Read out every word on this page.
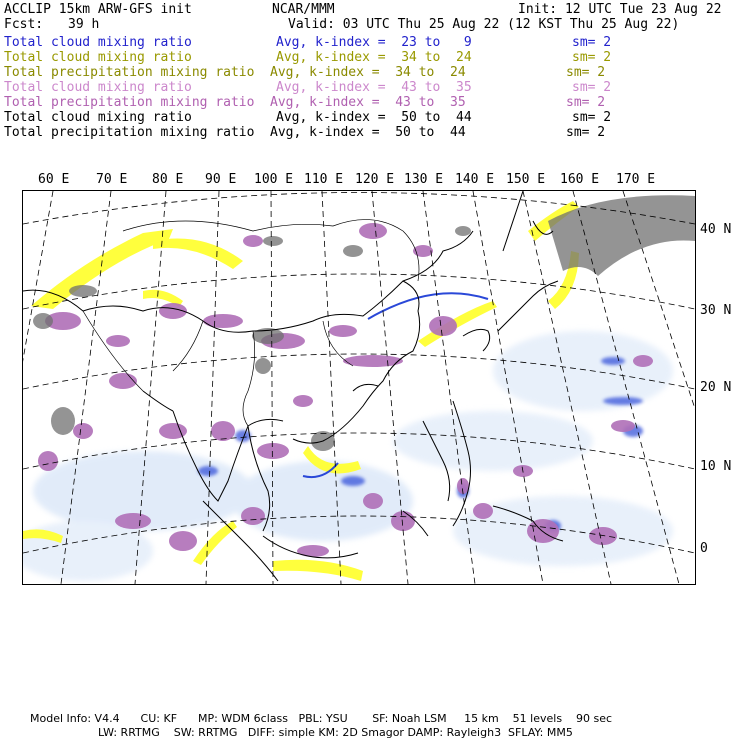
ACCLIP 15km ARW-GFS init	NCAR/MMM	Init: 12 UTC Tue 23 Aug 22
Fcst: 39 h	Valid: 03 UTC Thu 25 Aug 22 (12 KST Thu 25 Aug 22)
Total cloud mixing ratio	Avg, k-index =  23 to   9	sm= 2
Total cloud mixing ratio	Avg, k-index =  34 to  24	sm= 2
Total precipitation mixing ratio Avg, k-index =  34 to  24	sm= 2
Total cloud mixing ratio	Avg, k-index =  43 to  35	sm= 2
Total precipitation mixing ratio Avg, k-index =  43 to  35	sm= 2
Total cloud mixing ratio	Avg, k-index =  50 to  44	sm= 2
Total precipitation mixing ratio Avg, k-index =  50 to  44	sm= 2
60 E 70 E 80 E 90 E 100 E 110 E 120 E 130 E 140 E 150 E 160 E 170 E
40 N
30 N
20 N
10 N
0
Model Info: V4.4      CU: KF      MP: WDM 6class   PBL: YSU       SF: Noah LSM     15 km    51 levels    90 sec
LW: RRTMG    SW: RRTMG   DIFF: simple KM: 2D Smagor DAMP: Rayleigh3  SFLAY: MM5
